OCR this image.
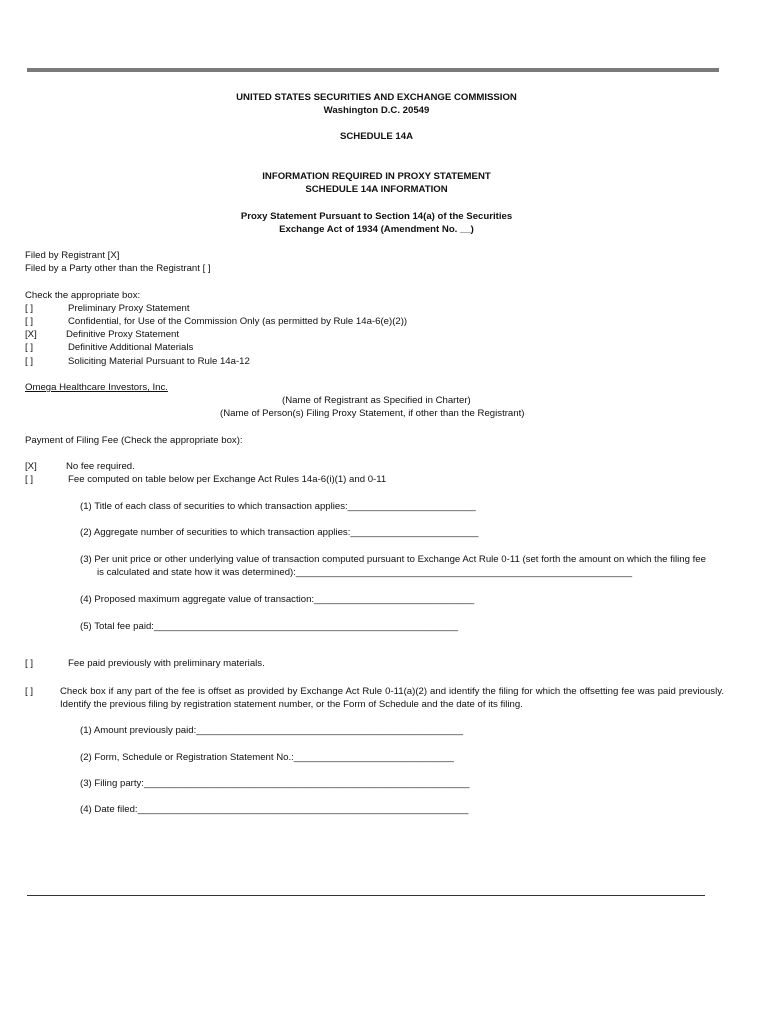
UNITED STATES SECURITIES AND EXCHANGE COMMISSION
Washington D.C. 20549
SCHEDULE 14A
INFORMATION REQUIRED IN PROXY STATEMENT
SCHEDULE 14A INFORMATION
Proxy Statement Pursuant to Section 14(a) of the Securities
Exchange Act of 1934 (Amendment No. __)
Filed by Registrant [X]
Filed by a Party other than the Registrant [ ]
Check the appropriate box:
[ ]	Preliminary Proxy Statement
[ ]	Confidential, for Use of the Commission Only (as permitted by Rule 14a-6(e)(2))
[X]	Definitive Proxy Statement
[ ]	Definitive Additional Materials
[ ]	Soliciting Material Pursuant to Rule 14a-12
Omega Healthcare Investors, Inc.
(Name of Registrant as Specified in Charter)
(Name of Person(s) Filing Proxy Statement, if other than the Registrant)
Payment of Filing Fee (Check the appropriate box):
[X]	No fee required.
[ ]	Fee computed on table below per Exchange Act Rules 14a-6(i)(1) and 0-11
(1) Title of each class of securities to which transaction applies:________________________
(2) Aggregate number of securities to which transaction applies:________________________
(3) Per unit price or other underlying value of transaction computed pursuant to Exchange Act Rule 0-11 (set forth the amount on which the filing fee
is calculated and state how it was determined):_______________________________________________________________
(4) Proposed maximum aggregate value of transaction:______________________________
(5) Total fee paid:_________________________________________________________
[ ]	Fee paid previously with preliminary materials.
[ ]	Check box if any part of the fee is offset as provided by Exchange Act Rule 0-11(a)(2) and identify the filing for which the offsetting fee was paid previously. Identify the previous filing by registration statement number, or the Form of Schedule and the date of its filing.
(1) Amount previously paid:__________________________________________________
(2) Form, Schedule or Registration Statement No.:______________________________
(3) Filing party:_____________________________________________________________
(4) Date filed:______________________________________________________________
